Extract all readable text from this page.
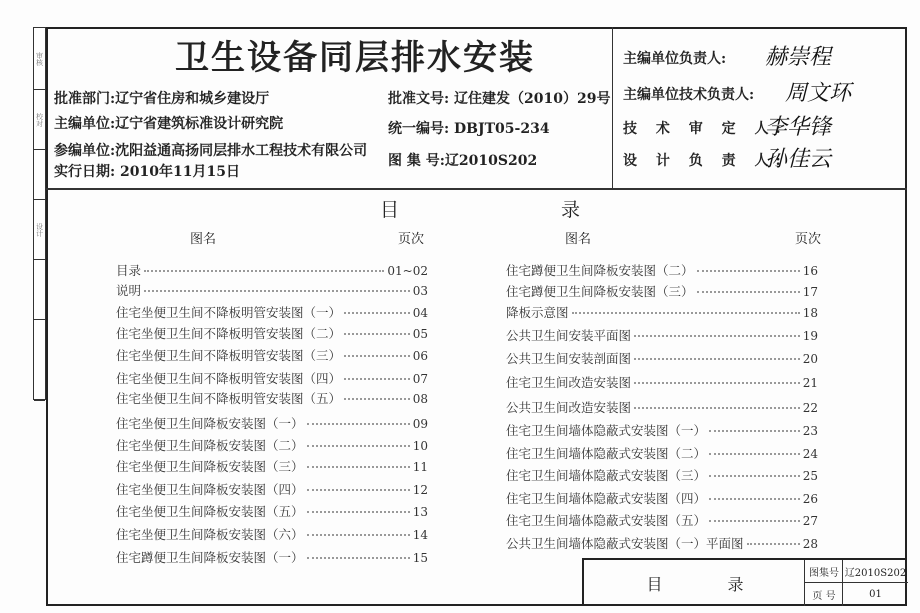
审核
校对
设计
卫生设备同层排水安装
批准部门:辽宁省住房和城乡建设厅
主编单位:辽宁省建筑标准设计研究院
参编单位:沈阳益通高扬同层排水工程技术有限公司
实行日期: 2010年11月15日
批准文号: 辽住建发（2010）29号
统一编号: DBJT05-234
图 集 号:辽2010S202
目	录
图名	页次	图名	页次
目	录
图集号 辽2010S202
页 号	01
主编单位负责人: 赫崇程
主编单位技术负责人: 周文环
技 术 审 定 人:
李华锋
设 计 负 责 人:
孙佳云
目录	01~02
说明	03
住宅坐便卫生间不降板明管安装图（一）	04
住宅坐便卫生间不降板明管安装图（二）	05
住宅坐便卫生间不降板明管安装图（三）	06
住宅坐便卫生间不降板明管安装图（四）	07
住宅坐便卫生间不降板明管安装图（五）	08
住宅坐便卫生间降板安装图（一）	09
住宅坐便卫生间降板安装图（二）	10
住宅坐便卫生间降板安装图（三）	11
住宅坐便卫生间降板安装图（四）	12
住宅坐便卫生间降板安装图（五）	13
住宅坐便卫生间降板安装图（六）	14
住宅蹲便卫生间降板安装图（一）	15
住宅蹲便卫生间降板安装图（二）	16
住宅蹲便卫生间降板安装图（三）	17
降板示意图	18
公共卫生间安装平面图	19
公共卫生间安装剖面图	20
住宅卫生间改造安装图	21
公共卫生间改造安装图	22
住宅卫生间墙体隐蔽式安装图（一）	23
住宅卫生间墙体隐蔽式安装图（二）	24
住宅卫生间墙体隐蔽式安装图（三）	25
住宅卫生间墙体隐蔽式安装图（四）	26
住宅卫生间墙体隐蔽式安装图（五）	27
公共卫生间墙体隐蔽式安装图（一）平面图	28
